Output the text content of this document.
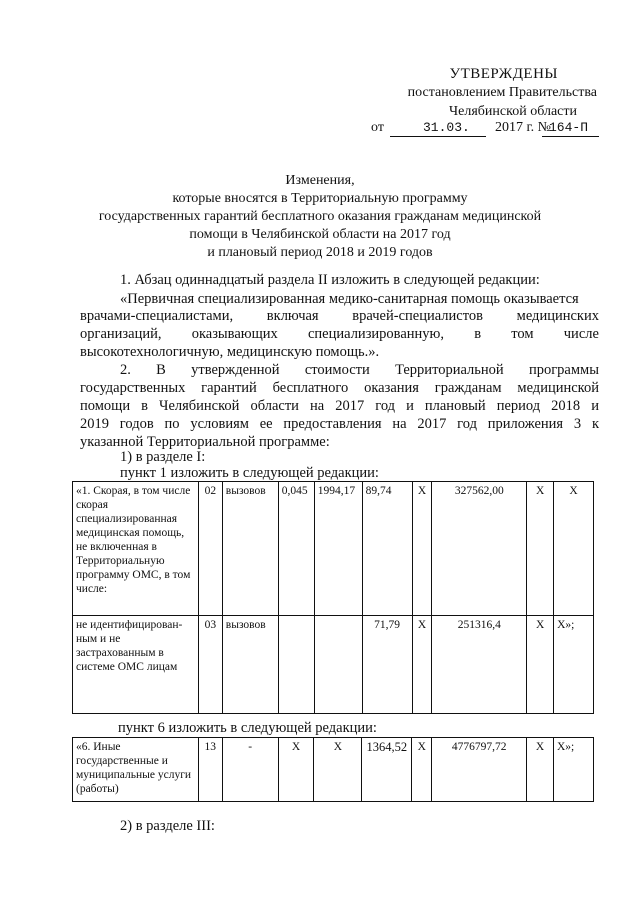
УТВЕРЖДЕНЫ
постановлением Правительства
Челябинской области
от	31.03. 2017 г. №
164-П
Изменения,
которые вносятся в Территориальную программу
государственных гарантий бесплатного оказания гражданам медицинской
помощи в Челябинской области на 2017 год
и плановый период 2018 и 2019 годов
1. Абзац одиннадцатый раздела II изложить в следующей редакции:
«Первичная специализированная медико-санитарная помощь оказывается
врачами-специалистами, включая врачей-специалистов медицинских
организаций, оказывающих специализированную, в том числе
высокотехнологичную, медицинскую помощь.».
2. В утвержденной стоимости Территориальной программы
государственных гарантий бесплатного оказания гражданам медицинской
помощи в Челябинской области на 2017 год и плановый период 2018 и
2019 годов по условиям ее предоставления на 2017 год приложения 3 к
указанной Территориальной программе:
1) в разделе I:
пункт 1 изложить в следующей редакции:
«1. Скорая, в том числе скорая специализированная медицинская помощь, не включенная в Территориальную программу ОМС, в том числе:	02	вызовов	0,045	1994,17	89,74	X	327562,00	X	X
не идентифицирован-ным и не застрахованным в системе ОМС лицам	03	вызовов			71,79	X	251316,4	X	X»;
пункт 6 изложить в следующей редакции:
«6. Иные государственные и муниципальные услуги (работы)	13	-	X	X	1364,52	X	4776797,72	X	X»;
2) в разделе III:
